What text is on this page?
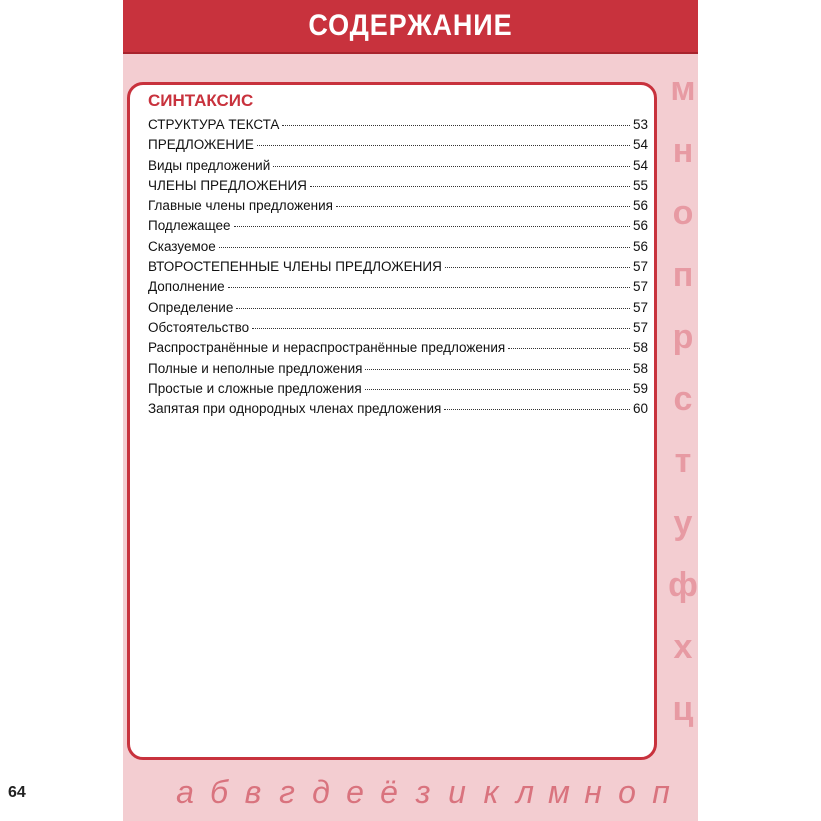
СОДЕРЖАНИЕ
м
н
о
п
р
с
т
у
ф
х
ц
СИНТАКСИС
СТРУКТУРА ТЕКСТА	53
ПРЕДЛОЖЕНИЕ	54
Виды предложений	54
ЧЛЕНЫ ПРЕДЛОЖЕНИЯ	55
Главные члены предложения	56
Подлежащее	56
Сказуемое	56
ВТОРОСТЕПЕННЫЕ ЧЛЕНЫ ПРЕДЛОЖЕНИЯ	57
Дополнение	57
Определение	57
Обстоятельство	57
Распространённые и нераспространённые предложения	58
Полные и неполные предложения	58
Простые и сложные предложения	59
Запятая при однородных членах предложения	60
а б в г д е ё з и к л м н о п
64
